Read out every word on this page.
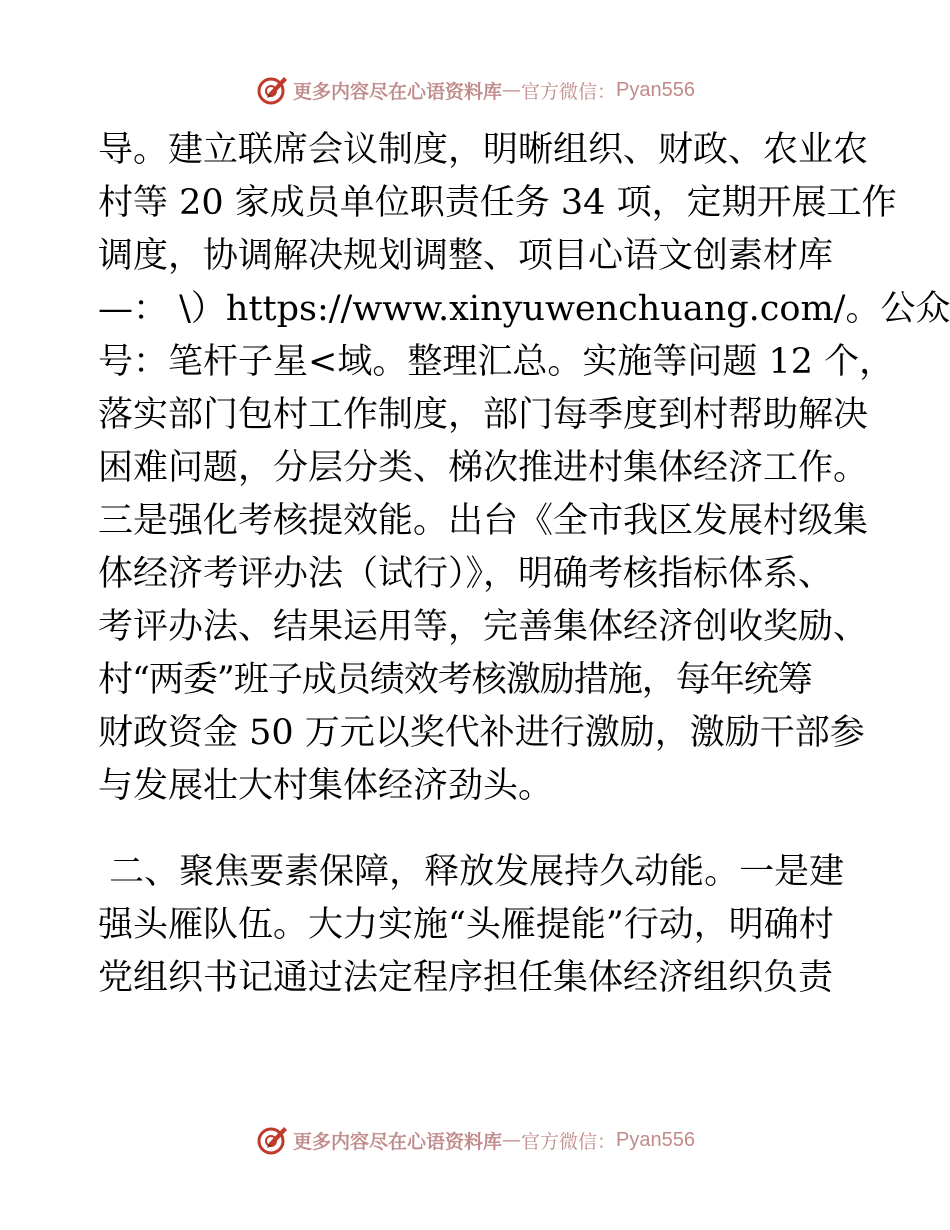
更多内容尽在心语资料库 — 官方微信： Pyan556
导。建立联席会议制度，明晰组织、财政、农业农
村等 20 家成员单位职责任务 34 项，定期开展工作
调度，协调解决规划调整、项目心语文创素材库
—： \）https://www.xinyuwenchuang.com/。公众
号：笔杆子星<域。整理汇总。实施等问题 12 个，
落实部门包村工作制度，部门每季度到村帮助解决
困难问题，分层分类、梯次推进村集体经济工作。
三是强化考核提效能。出台《全市我区发展村级集
体经济考评办法（试行）》，明确考核指标体系、
考评办法、结果运用等，完善集体经济创收奖励、
村“两委”班子成员绩效考核激励措施，每年统筹
财政资金 50 万元以奖代补进行激励，激励干部参
与发展壮大村集体经济劲头。
二、聚焦要素保障，释放发展持久动能。一是建
强头雁队伍。大力实施“头雁提能”行动，明确村
党组织书记通过法定程序担任集体经济组织负责
更多内容尽在心语资料库 — 官方微信： Pyan556
